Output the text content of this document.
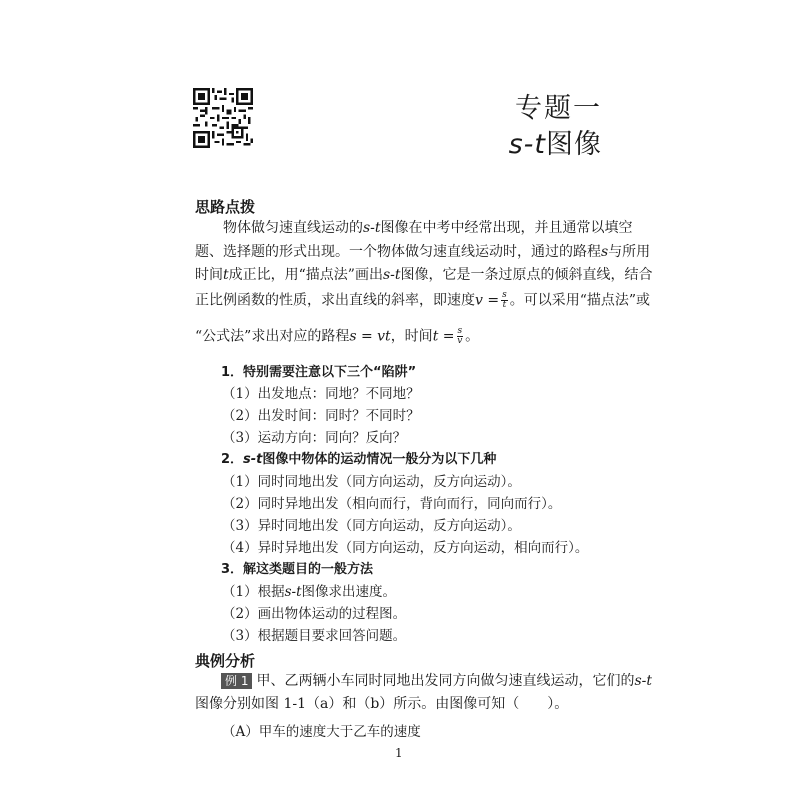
专题一
s-t图像
思路点拨
物体做匀速直线运动的s-t图像在中考中经常出现，并且通常以填空
题、选择题的形式出现。一个物体做匀速直线运动时，通过的路程s与所用
时间t成正比，用“描点法”画出s-t图像，它是一条过原点的倾斜直线，结合
正比例函数的性质，求出直线的斜率，即速度$v = \frac{s}{t}$ 。可以采用“描点法”或
“公式法”求出对应的路程s = vt，时间$t = \frac{s}{v}$ 。
1．特别需要注意以下三个“陷阱”
（1）出发地点：同地？不同地？
（2）出发时间：同时？不同时？
（3）运动方向：同向？反向？
2．s-t图像中物体的运动情况一般分为以下几种
（1）同时同地出发（同方向运动，反方向运动）。
（2）同时异地出发（相向而行，背向而行，同向而行）。
（3）异时同地出发（同方向运动，反方向运动）。
（4）异时异地出发（同方向运动，反方向运动，相向而行）。
3．解这类题目的一般方法
（1）根据s-t图像求出速度。
（2）画出物体运动的过程图。
（3）根据题目要求回答问题。
典例分析
例 1 甲、乙两辆小车同时同地出发同方向做匀速直线运动，它们的s-t
图像分别如图 1-1（a）和（b）所示。由图像可知（　　）。
（A）甲车的速度大于乙车的速度
1
